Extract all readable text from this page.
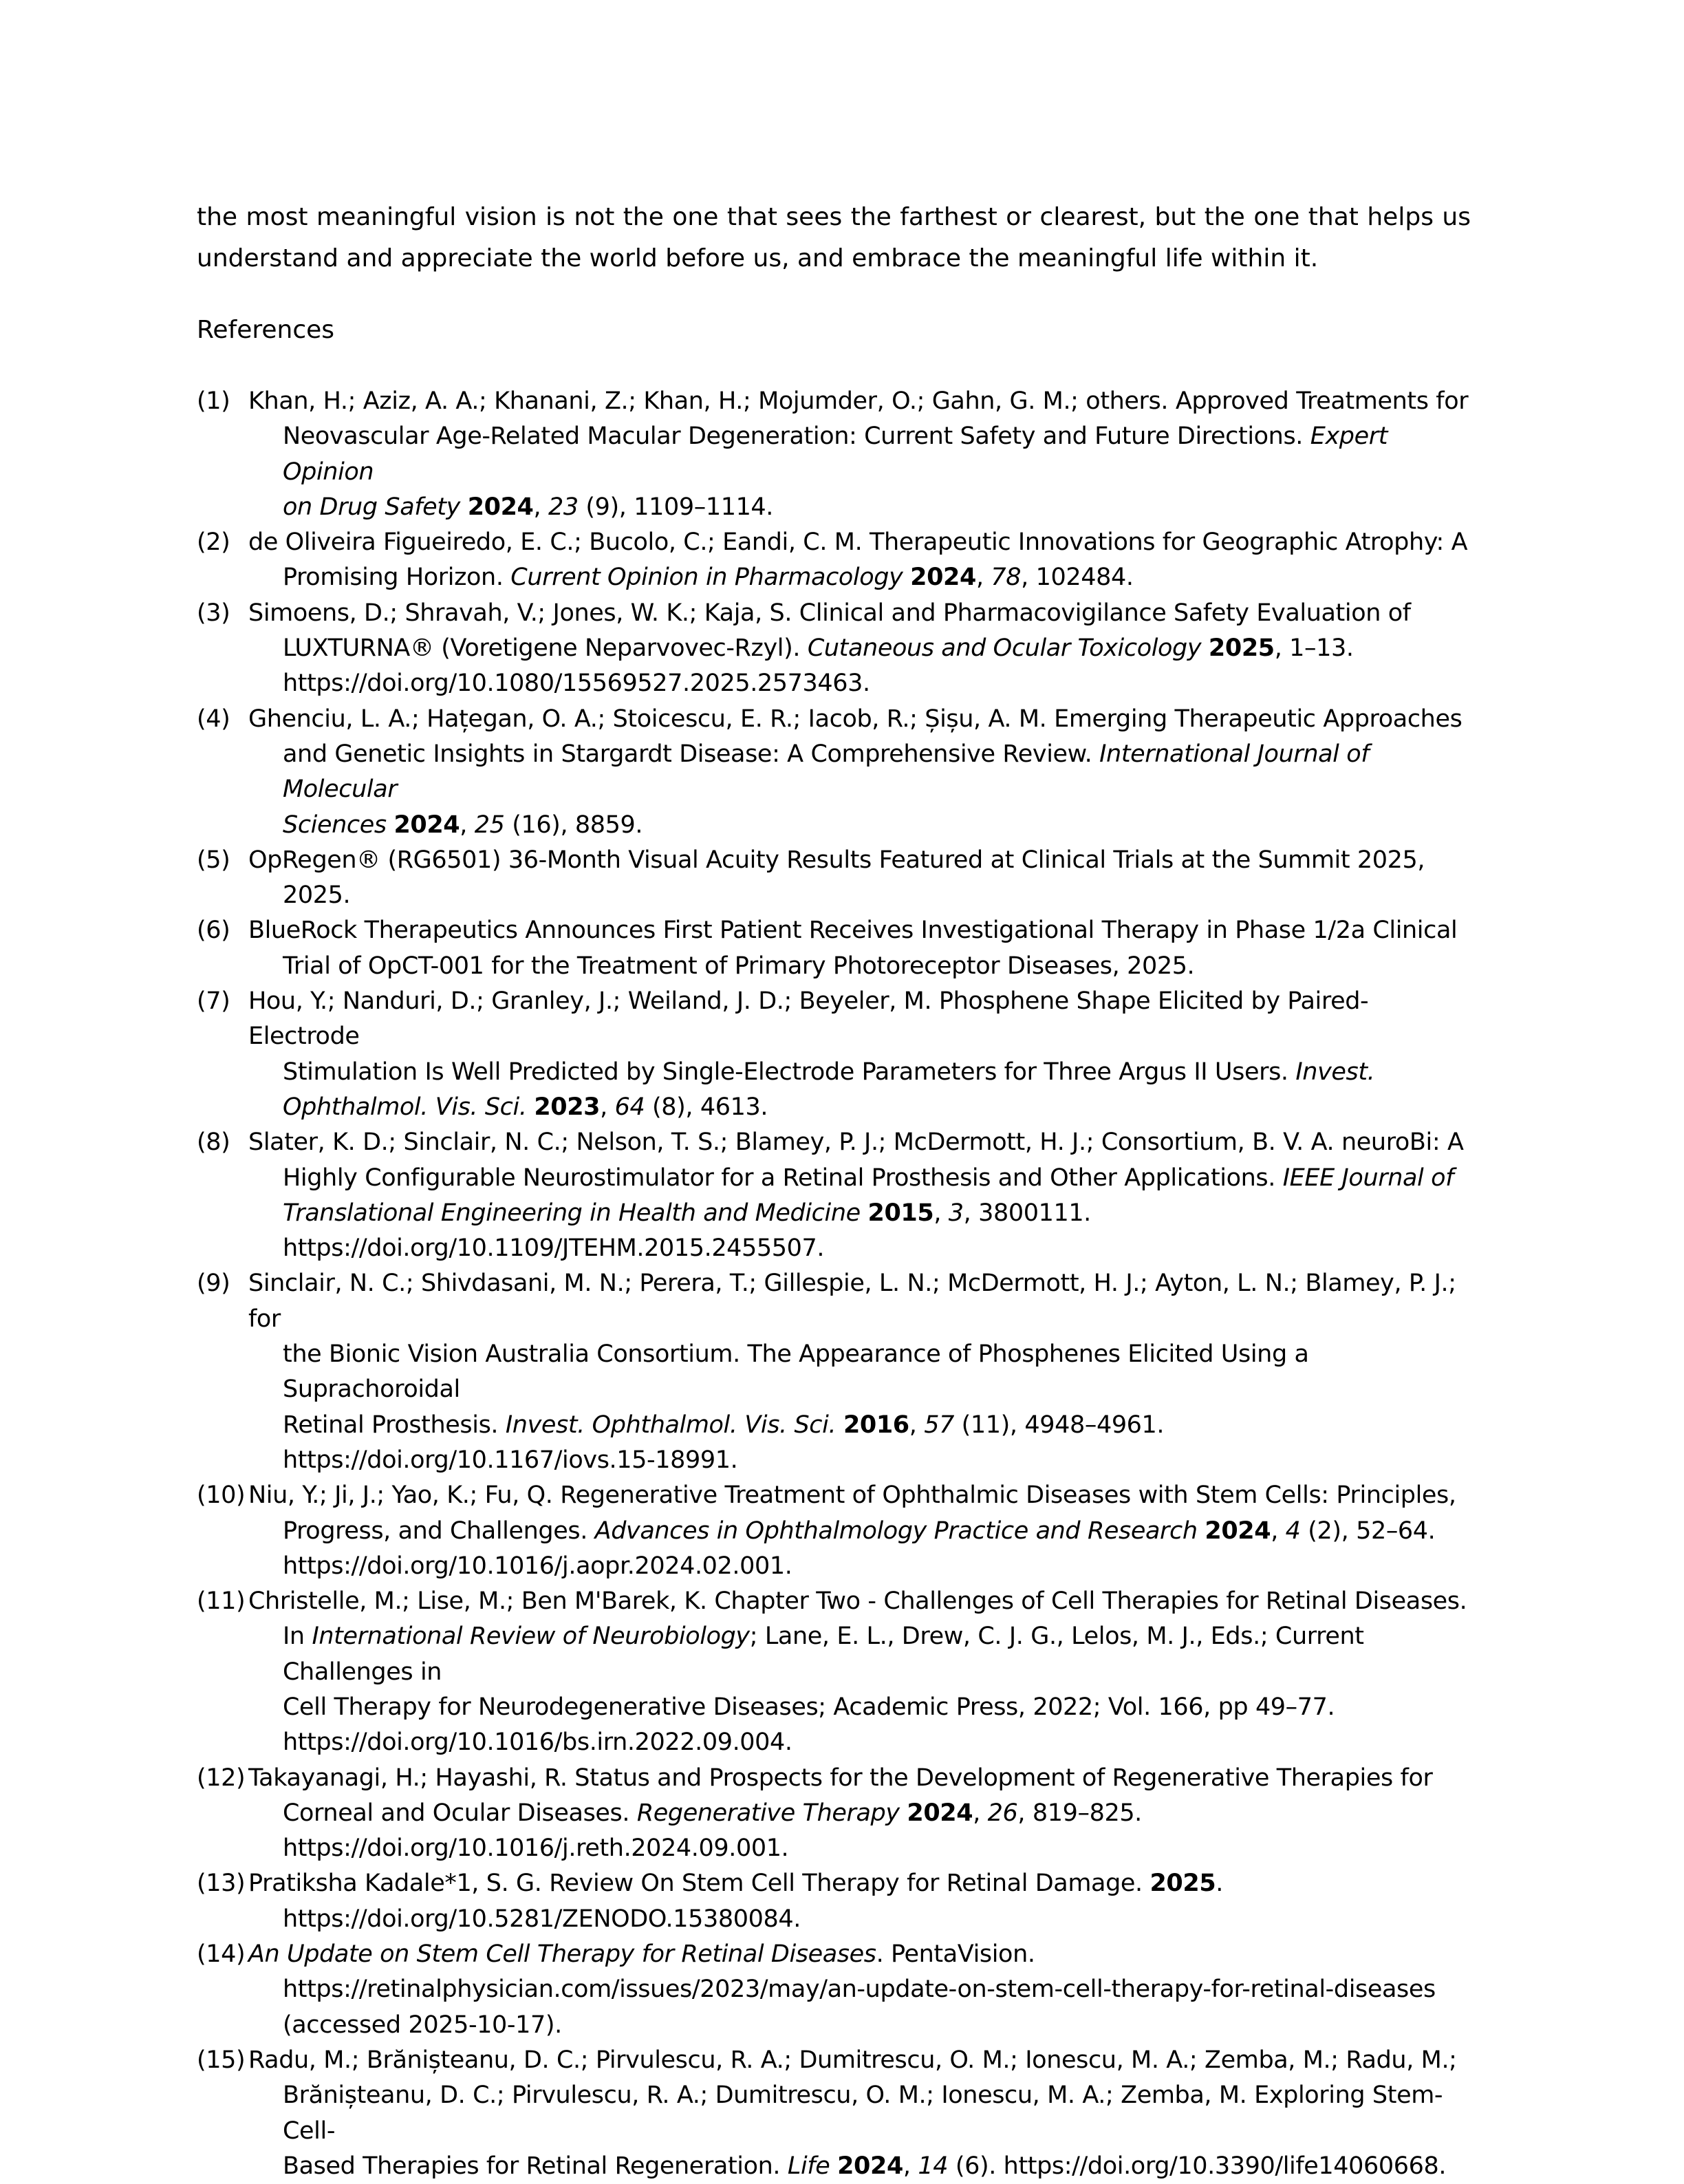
the most meaningful vision is not the one that sees the farthest or clearest, but the one that helps us understand and appreciate the world before us, and embrace the meaningful life within it.

References
(1) Khan, H.; Aziz, A. A.; Khanani, Z.; Khan, H.; Mojumder, O.; Gahn, G. M.; others. Approved Treatments for
Neovascular Age-Related Macular Degeneration: Current Safety and Future Directions. Expert Opinion
on Drug Safety 2024, 23 (9), 1109–1114.
(2) de Oliveira Figueiredo, E. C.; Bucolo, C.; Eandi, C. M. Therapeutic Innovations for Geographic Atrophy: A
Promising Horizon. Current Opinion in Pharmacology 2024, 78, 102484.
(3) Simoens, D.; Shravah, V.; Jones, W. K.; Kaja, S. Clinical and Pharmacovigilance Safety Evaluation of
LUXTURNA® (Voretigene Neparvovec-Rzyl). Cutaneous and Ocular Toxicology 2025, 1–13.
https://doi.org/10.1080/15569527.2025.2573463.
(4) Ghenciu, L. A.; Hațegan, O. A.; Stoicescu, E. R.; Iacob, R.; Șișu, A. M. Emerging Therapeutic Approaches
and Genetic Insights in Stargardt Disease: A Comprehensive Review. International Journal of Molecular
Sciences 2024, 25 (16), 8859.
(5) OpRegen® (RG6501) 36-Month Visual Acuity Results Featured at Clinical Trials at the Summit 2025,
2025.
(6) BlueRock Therapeutics Announces First Patient Receives Investigational Therapy in Phase 1/2a Clinical
Trial of OpCT-001 for the Treatment of Primary Photoreceptor Diseases, 2025.
(7) Hou, Y.; Nanduri, D.; Granley, J.; Weiland, J. D.; Beyeler, M. Phosphene Shape Elicited by Paired-Electrode
Stimulation Is Well Predicted by Single-Electrode Parameters for Three Argus II Users. Invest.
Ophthalmol. Vis. Sci. 2023, 64 (8), 4613.
(8) Slater, K. D.; Sinclair, N. C.; Nelson, T. S.; Blamey, P. J.; McDermott, H. J.; Consortium, B. V. A. neuroBi: A
Highly Configurable Neurostimulator for a Retinal Prosthesis and Other Applications. IEEE Journal of
Translational Engineering in Health and Medicine 2015, 3, 3800111.
https://doi.org/10.1109/JTEHM.2015.2455507.
(9) Sinclair, N. C.; Shivdasani, M. N.; Perera, T.; Gillespie, L. N.; McDermott, H. J.; Ayton, L. N.; Blamey, P. J.; for
the Bionic Vision Australia Consortium. The Appearance of Phosphenes Elicited Using a Suprachoroidal
Retinal Prosthesis. Invest. Ophthalmol. Vis. Sci. 2016, 57 (11), 4948–4961.
https://doi.org/10.1167/iovs.15-18991.
(10) Niu, Y.; Ji, J.; Yao, K.; Fu, Q. Regenerative Treatment of Ophthalmic Diseases with Stem Cells: Principles,
Progress, and Challenges. Advances in Ophthalmology Practice and Research 2024, 4 (2), 52–64.
https://doi.org/10.1016/j.aopr.2024.02.001.
(11) Christelle, M.; Lise, M.; Ben M'Barek, K. Chapter Two - Challenges of Cell Therapies for Retinal Diseases.
In International Review of Neurobiology; Lane, E. L., Drew, C. J. G., Lelos, M. J., Eds.; Current Challenges in
Cell Therapy for Neurodegenerative Diseases; Academic Press, 2022; Vol. 166, pp 49–77.
https://doi.org/10.1016/bs.irn.2022.09.004.
(12) Takayanagi, H.; Hayashi, R. Status and Prospects for the Development of Regenerative Therapies for
Corneal and Ocular Diseases. Regenerative Therapy 2024, 26, 819–825.
https://doi.org/10.1016/j.reth.2024.09.001.
(13) Pratiksha Kadale*1, S. G. Review On Stem Cell Therapy for Retinal Damage. 2025.
https://doi.org/10.5281/ZENODO.15380084.
(14) An Update on Stem Cell Therapy for Retinal Diseases. PentaVision.
https://retinalphysician.com/issues/2023/may/an-update-on-stem-cell-therapy-for-retinal-diseases
(accessed 2025-10-17).
(15) Radu, M.; Brănișteanu, D. C.; Pirvulescu, R. A.; Dumitrescu, O. M.; Ionescu, M. A.; Zemba, M.; Radu, M.;
Brănișteanu, D. C.; Pirvulescu, R. A.; Dumitrescu, O. M.; Ionescu, M. A.; Zemba, M. Exploring Stem-Cell-
Based Therapies for Retinal Regeneration. Life 2024, 14 (6). https://doi.org/10.3390/life14060668.
